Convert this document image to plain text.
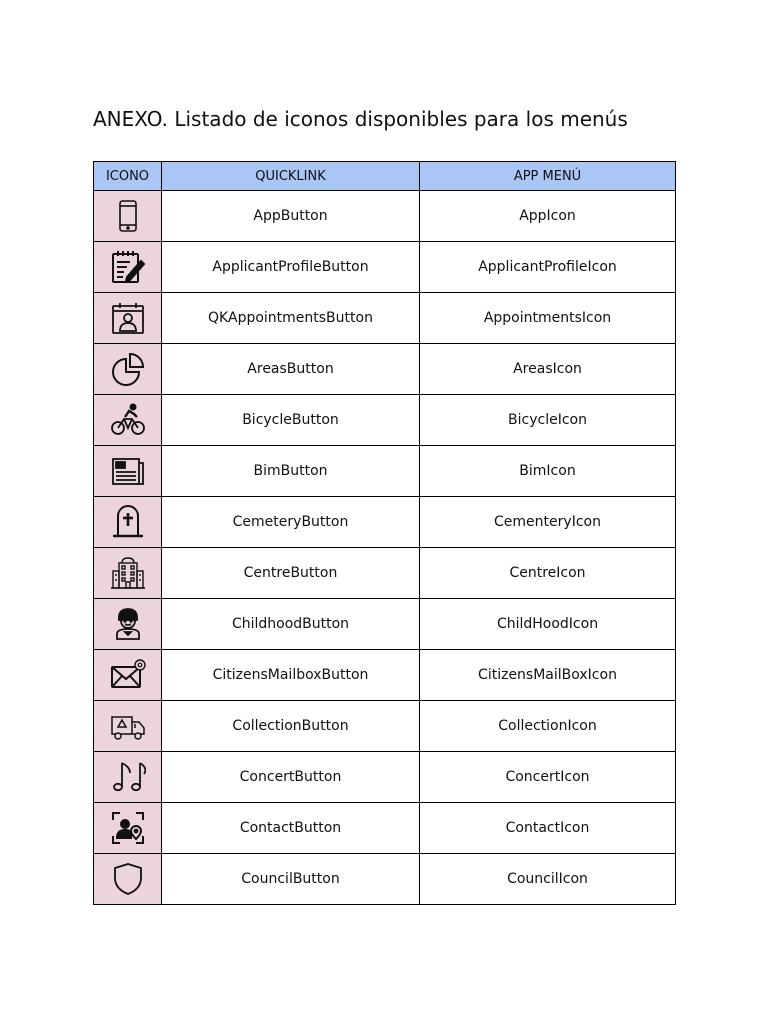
ANEXO. Listado de iconos disponibles para los menús
ICONO	QUICKLINK	APP MENÚ

	AppButton	AppIcon

	ApplicantProfileButton	ApplicantProfileIcon

	QKAppointmentsButton	AppointmentsIcon

	AreasButton	AreasIcon

	BicycleButton	BicycleIcon

	BimButton	BimIcon

	CemeteryButton	CementeryIcon

	CentreButton	CentreIcon

	ChildhoodButton	ChildHoodIcon

	CitizensMailboxButton	CitizensMailBoxIcon

	CollectionButton	CollectionIcon

	ConcertButton	ConcertIcon

	ContactButton	ContactIcon

	CouncilButton	CouncilIcon
